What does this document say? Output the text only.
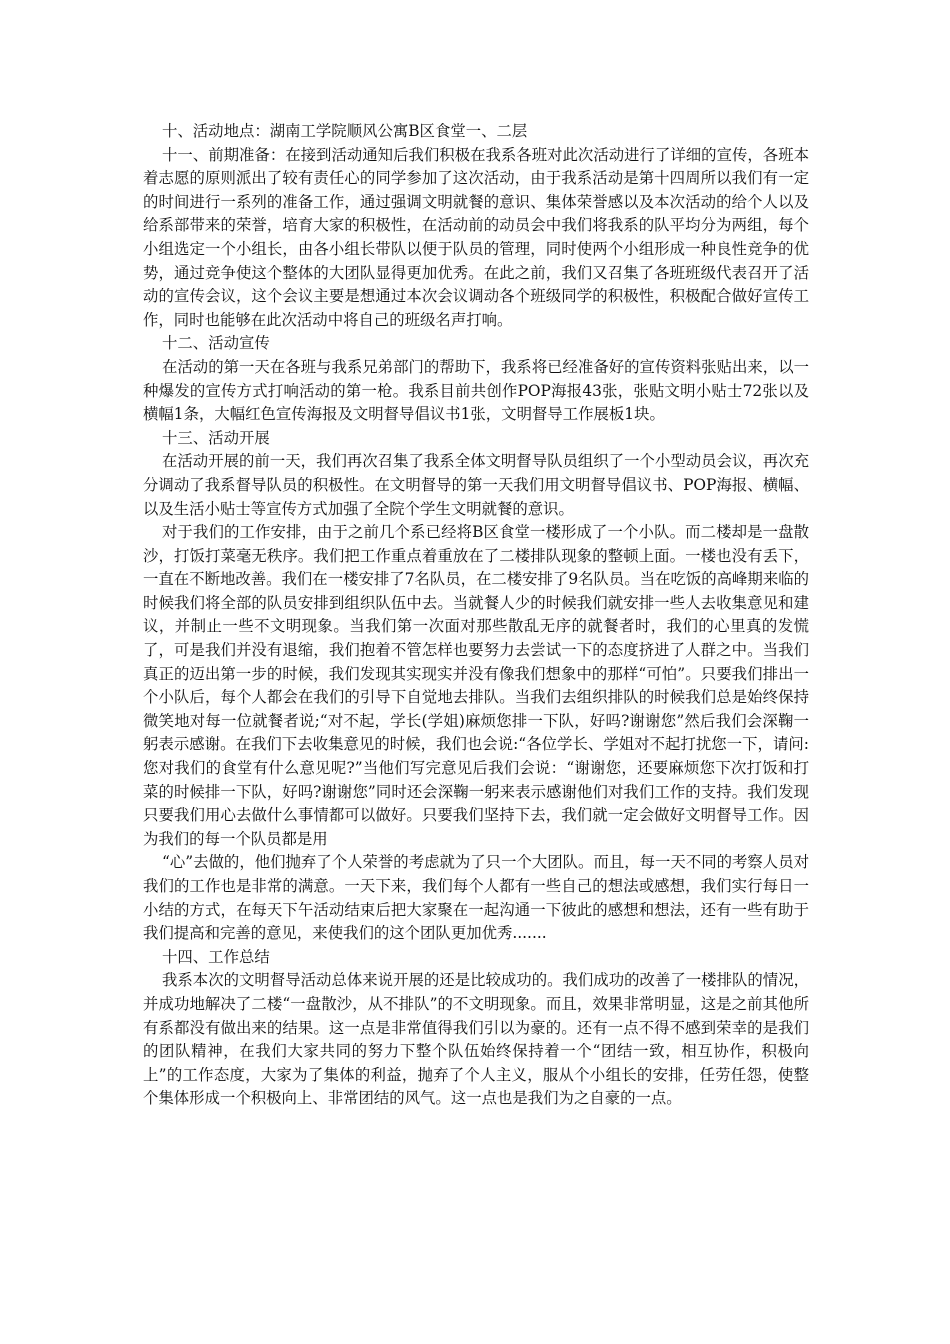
十、活动地点：湖南工学院顺风公寓B区食堂一、二层

十一、前期准备：在接到活动通知后我们积极在我系各班对此次活动进行了详细的宣传，各班本着志愿的原则派出了较有责任心的同学参加了这次活动，由于我系活动是第十四周所以我们有一定的时间进行一系列的准备工作，通过强调文明就餐的意识、集体荣誉感以及本次活动的给个人以及给系部带来的荣誉，培育大家的积极性，在活动前的动员会中我们将我系的队平均分为两组，每个小组选定一个小组长，由各小组长带队以便于队员的管理，同时使两个小组形成一种良性竞争的优势，通过竞争使这个整体的大团队显得更加优秀。在此之前，我们又召集了各班班级代表召开了活动的宣传会议，这个会议主要是想通过本次会议调动各个班级同学的积极性，积极配合做好宣传工作，同时也能够在此次活动中将自己的班级名声打响。

十二、活动宣传

在活动的第一天在各班与我系兄弟部门的帮助下，我系将已经准备好的宣传资料张贴出来，以一种爆发的宣传方式打响活动的第一枪。我系目前共创作POP海报43张，张贴文明小贴士72张以及横幅1条，大幅红色宣传海报及文明督导倡议书1张，文明督导工作展板1块。

十三、活动开展

在活动开展的前一天，我们再次召集了我系全体文明督导队员组织了一个小型动员会议，再次充分调动了我系督导队员的积极性。在文明督导的第一天我们用文明督导倡议书、POP海报、横幅、以及生活小贴士等宣传方式加强了全院个学生文明就餐的意识。

对于我们的工作安排，由于之前几个系已经将B区食堂一楼形成了一个小队。而二楼却是一盘散沙，打饭打菜毫无秩序。我们把工作重点着重放在了二楼排队现象的整顿上面。一楼也没有丢下，一直在不断地改善。我们在一楼安排了7名队员，在二楼安排了9名队员。当在吃饭的高峰期来临的时候我们将全部的队员安排到组织队伍中去。当就餐人少的时候我们就安排一些人去收集意见和建议，并制止一些不文明现象。当我们第一次面对那些散乱无序的就餐者时，我们的心里真的发慌了，可是我们并没有退缩，我们抱着不管怎样也要努力去尝试一下的态度挤进了人群之中。当我们真正的迈出第一步的时候，我们发现其实现实并没有像我们想象中的那样“可怕”。只要我们排出一个小队后，每个人都会在我们的引导下自觉地去排队。当我们去组织排队的时候我们总是始终保持微笑地对每一位就餐者说;“对不起，学长(学姐)麻烦您排一下队，好吗?谢谢您”然后我们会深鞠一躬表示感谢。在我们下去收集意见的时候，我们也会说:“各位学长、学姐对不起打扰您一下，请问:您对我们的食堂有什么意见呢?”当他们写完意见后我们会说：“谢谢您，还要麻烦您下次打饭和打菜的时候排一下队，好吗?谢谢您”同时还会深鞠一躬来表示感谢他们对我们工作的支持。我们发现只要我们用心去做什么事情都可以做好。只要我们坚持下去，我们就一定会做好文明督导工作。因为我们的每一个队员都是用

“心”去做的，他们抛弃了个人荣誉的考虑就为了只一个大团队。而且，每一天不同的考察人员对我们的工作也是非常的满意。一天下来，我们每个人都有一些自己的想法或感想，我们实行每日一小结的方式，在每天下午活动结束后把大家聚在一起沟通一下彼此的感想和想法，还有一些有助于我们提高和完善的意见，来使我们的这个团队更加优秀.......

十四、工作总结

我系本次的文明督导活动总体来说开展的还是比较成功的。我们成功的改善了一楼排队的情况，并成功地解决了二楼“一盘散沙，从不排队”的不文明现象。而且，效果非常明显，这是之前其他所有系都没有做出来的结果。这一点是非常值得我们引以为豪的。还有一点不得不感到荣幸的是我们的团队精神，在我们大家共同的努力下整个队伍始终保持着一个“团结一致，相互协作，积极向上”的工作态度，大家为了集体的利益，抛弃了个人主义，服从个小组长的安排，任劳任怨，使整个集体形成一个积极向上、非常团结的风气。这一点也是我们为之自豪的一点。
